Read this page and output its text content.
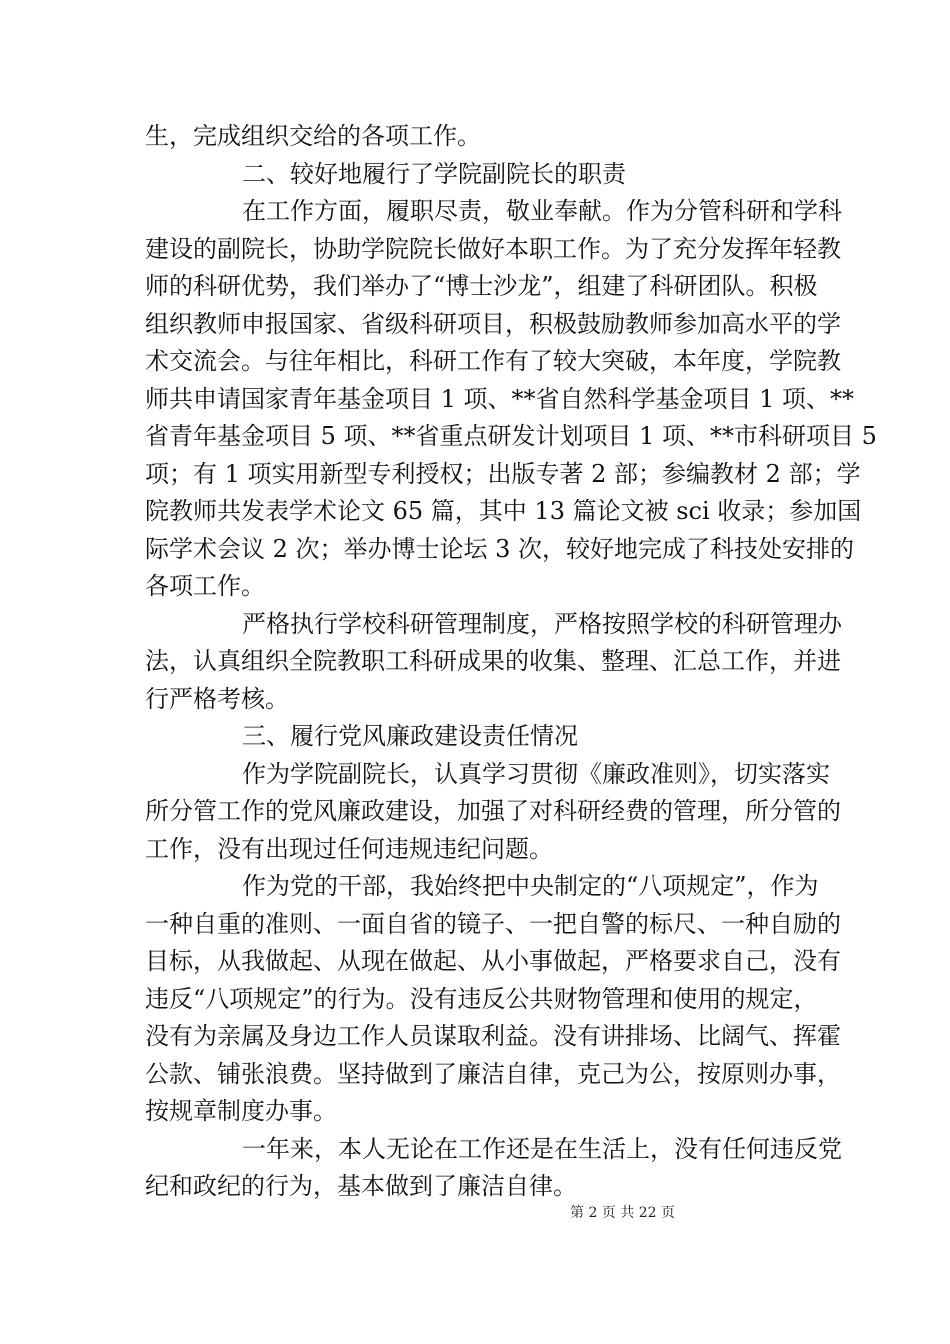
生，完成组织交给的各项工作。
二、较好地履行了学院副院长的职责
在工作方面，履职尽责，敬业奉献。作为分管科研和学科
建设的副院长，协助学院院长做好本职工作。为了充分发挥年轻教
师的科研优势，我们举办了“博士沙龙”，组建了科研团队。积极
组织教师申报国家、省级科研项目，积极鼓励教师参加高水平的学
术交流会。与往年相比，科研工作有了较大突破，本年度，学院教
师共申请国家青年基金项目 1 项、**省自然科学基金项目 1 项、**
省青年基金项目 5 项、**省重点研发计划项目 1 项、**市科研项目 5
项；有 1 项实用新型专利授权；出版专著 2 部；参编教材 2 部；学
院教师共发表学术论文 65 篇，其中 13 篇论文被 sci 收录；参加国
际学术会议 2 次；举办博士论坛 3 次，较好地完成了科技处安排的
各项工作。
严格执行学校科研管理制度，严格按照学校的科研管理办
法，认真组织全院教职工科研成果的收集、整理、汇总工作，并进
行严格考核。
三、履行党风廉政建设责任情况
作为学院副院长，认真学习贯彻《廉政准则》，切实落实
所分管工作的党风廉政建设，加强了对科研经费的管理，所分管的
工作，没有出现过任何违规违纪问题。
作为党的干部，我始终把中央制定的“八项规定”，作为
一种自重的准则、一面自省的镜子、一把自警的标尺、一种自励的
目标，从我做起、从现在做起、从小事做起，严格要求自己，没有
违反“八项规定”的行为。没有违反公共财物管理和使用的规定，
没有为亲属及身边工作人员谋取利益。没有讲排场、比阔气、挥霍
公款、铺张浪费。坚持做到了廉洁自律，克己为公，按原则办事，
按规章制度办事。
一年来，本人无论在工作还是在生活上，没有任何违反党
纪和政纪的行为，基本做到了廉洁自律。
第 2 页 共 22 页
